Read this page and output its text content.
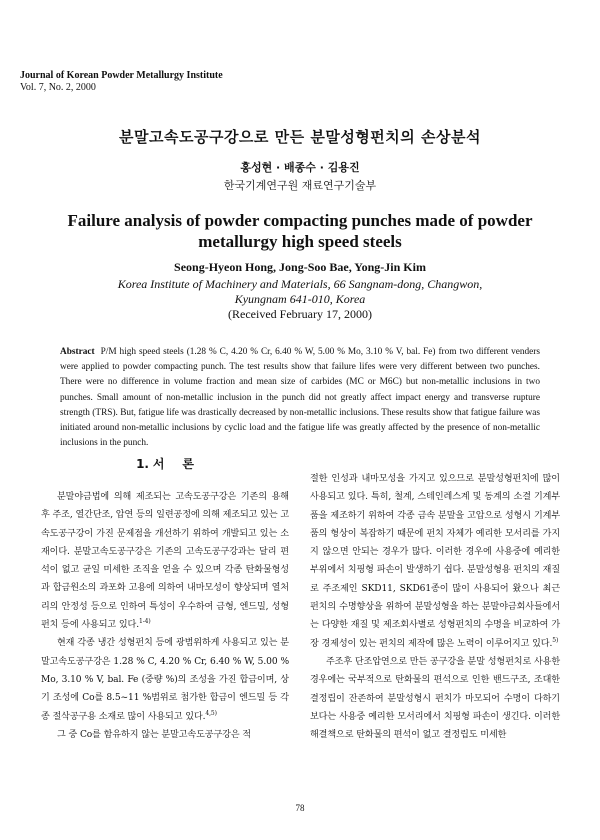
Journal of Korean Powder Metallurgy Institute
Vol. 7, No. 2, 2000
분말고속도공구강으로 만든 분말성형펀치의 손상분석
홍성현 · 배종수 · 김용진
한국기계연구원 재료연구기술부
Failure analysis of powder compacting punches made of powder metallurgy high speed steels
Seong-Hyeon Hong, Jong-Soo Bae, Yong-Jin Kim
Korea Institute of Machinery and Materials, 66 Sangnam-dong, Changwon,
Kyungnam 641-010, Korea
(Received February 17, 2000)
Abstract P/M high speed steels (1.28 % C, 4.20 % Cr, 6.40 % W, 5.00 % Mo, 3.10 % V, bal. Fe) from two different venders were applied to powder compacting punch. The test results show that failure lifes were very different between two punches. There were no difference in volume fraction and mean size of carbides (MC or M6C) but non-metallic inclusions in two punches. Small amount of non-metallic inclusion in the punch did not greatly affect impact energy and transverse rupture strength (TRS). But, fatigue life was drastically decreased by non-metallic inclusions. These results show that fatigue failure was initiated around non-metallic inclusions by cyclic load and the fatigue life was greatly affected by the presence of non-metallic inclusions in the punch.
1. 서 론

분말야금법에 의해 제조되는 고속도공구강은 기존의 용해 후 주조, 열간단조, 압연 등의 일련공정에 의해 제조되고 있는 고속도공구강이 가진 문제점을 개선하기 위하여 개발되고 있는 소재이다. 분말고속도공구강은 기존의 고속도공구강과는 달리 편석이 없고 균일 미세한 조직을 얻을 수 있으며 각종 탄화물형성과 합금원소의 과포화 고용에 의하여 내마모성이 향상되며 열처리의 안정성 등으로 인하여 특성이 우수하여 금형, 엔드밀, 성형펀치 등에 사용되고 있다.$^{1-4)}$

현재 각종 냉간 성형펀치 등에 광범위하게 사용되고 있는 분말고속도공구강은 1.28 % C, 4.20 % Cr, 6.40 % W, 5.00 % Mo, 3.10 % V, bal. Fe (중량 %)의 조성을 가진 합금이며, 상기 조성에 Co를 8.5~11 %범위로 첨가한 합금이 엔드밀 등 각종 절삭공구용 소재로 많이 사용되고 있다.$^{4,5)}$

그 중 Co를 함유하지 않는 분말고속도공구강은 적

절한 인성과 내마모성을 가지고 있으므로 분말성형펀치에 많이 사용되고 있다. 특히, 철계, 스테인레스계 및 동계의 소결 기계부품을 제조하기 위하여 각종 금속 분말을 고압으로 성형시 기계부품의 형상이 복잡하기 때문에 펀치 자체가 예리한 모서리를 가지지 않으면 안되는 경우가 많다. 이러한 경우에 사용중에 예리한 부위에서 치핑형 파손이 발생하기 쉽다. 분말성형용 펀치의 재질로 주조제인 SKD11, SKD61종이 많이 사용되어 왔으나 최근 펀치의 수명향상을 위하여 분말성형을 하는 분말야금회사들에서는 다양한 재질 및 제조회사별로 성형펀치의 수명을 비교하여 가장 경제성이 있는 펀치의 제작에 많은 노력이 이루어지고 있다.$^{5)}$

주조후 단조압연으로 만든 공구강을 분말 성형펀치로 사용한 경우에는 국부적으로 탄화물의 편석으로 인한 밴드구조, 조대한 결정립이 잔존하여 분말성형시 펀치가 마모되어 수명이 다하기보다는 사용중 예리한 모서리에서 치핑형 파손이 생긴다. 이러한 해결책으로 탄화물의 편석이 없고 결정립도 미세한

78
